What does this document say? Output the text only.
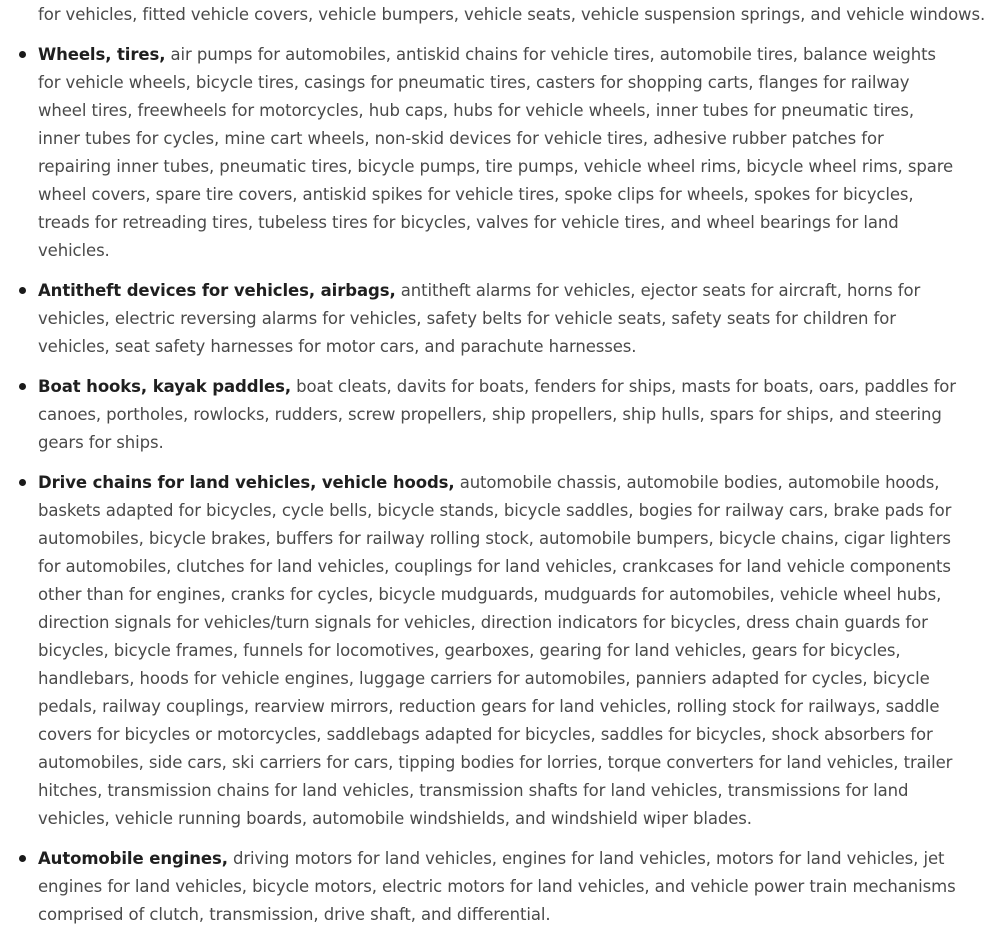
for vehicles, fitted vehicle covers, vehicle bumpers, vehicle seats, vehicle suspension springs, and vehicle windows.
Wheels, tires, air pumps for automobiles, antiskid chains for vehicle tires, automobile tires, balance weights for vehicle wheels, bicycle tires, casings for pneumatic tires, casters for shopping carts, flanges for railway wheel tires, freewheels for motorcycles, hub caps, hubs for vehicle wheels, inner tubes for pneumatic tires, inner tubes for cycles, mine cart wheels, non-skid devices for vehicle tires, adhesive rubber patches for repairing inner tubes, pneumatic tires, bicycle pumps, tire pumps, vehicle wheel rims, bicycle wheel rims, spare wheel covers, spare tire covers, antiskid spikes for vehicle tires, spoke clips for wheels, spokes for bicycles, treads for retreading tires, tubeless tires for bicycles, valves for vehicle tires, and wheel bearings for land vehicles.
Antitheft devices for vehicles, airbags, antitheft alarms for vehicles, ejector seats for aircraft, horns for vehicles, electric reversing alarms for vehicles, safety belts for vehicle seats, safety seats for children for vehicles, seat safety harnesses for motor cars, and parachute harnesses.
Boat hooks, kayak paddles, boat cleats, davits for boats, fenders for ships, masts for boats, oars, paddles for canoes, portholes, rowlocks, rudders, screw propellers, ship propellers, ship hulls, spars for ships, and steering gears for ships.
Drive chains for land vehicles, vehicle hoods, automobile chassis, automobile bodies, automobile hoods, baskets adapted for bicycles, cycle bells, bicycle stands, bicycle saddles, bogies for railway cars, brake pads for automobiles, bicycle brakes, buffers for railway rolling stock, automobile bumpers, bicycle chains, cigar lighters for automobiles, clutches for land vehicles, couplings for land vehicles, crankcases for land vehicle components other than for engines, cranks for cycles, bicycle mudguards, mudguards for automobiles, vehicle wheel hubs, direction signals for vehicles/turn signals for vehicles, direction indicators for bicycles, dress chain guards for bicycles, bicycle frames, funnels for locomotives, gearboxes, gearing for land vehicles, gears for bicycles, handlebars, hoods for vehicle engines, luggage carriers for automobiles, panniers adapted for cycles, bicycle pedals, railway couplings, rearview mirrors, reduction gears for land vehicles, rolling stock for railways, saddle covers for bicycles or motorcycles, saddlebags adapted for bicycles, saddles for bicycles, shock absorbers for automobiles, side cars, ski carriers for cars, tipping bodies for lorries, torque converters for land vehicles, trailer hitches, transmission chains for land vehicles, transmission shafts for land vehicles, transmissions for land vehicles, vehicle running boards, automobile windshields, and windshield wiper blades.
Automobile engines, driving motors for land vehicles, engines for land vehicles, motors for land vehicles, jet engines for land vehicles, bicycle motors, electric motors for land vehicles, and vehicle power train mechanisms comprised of clutch, transmission, drive shaft, and differential.
